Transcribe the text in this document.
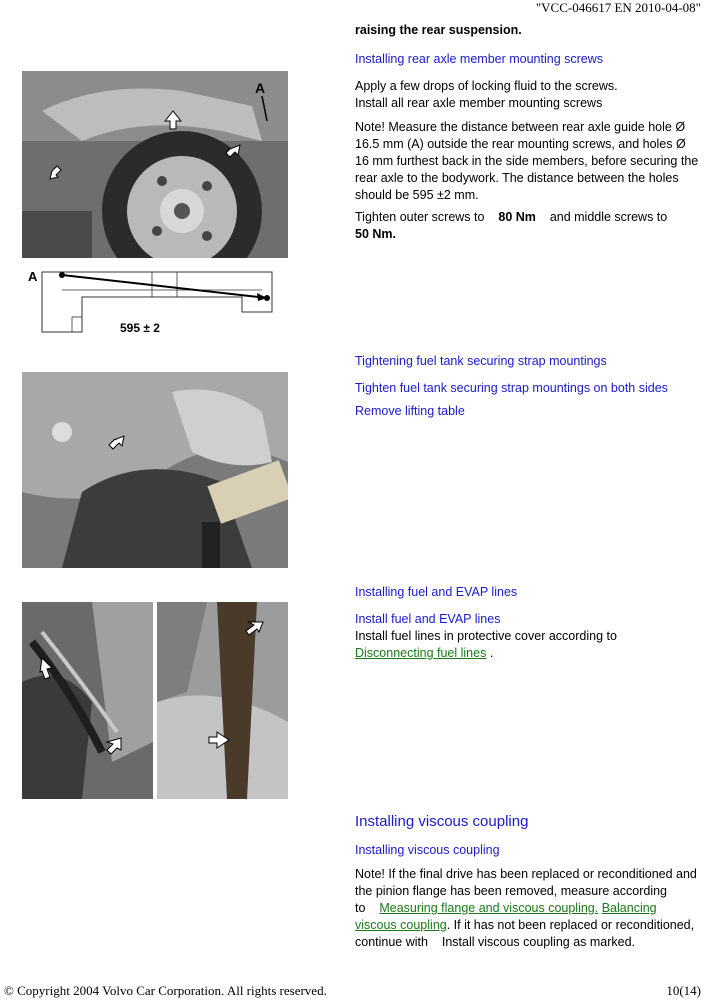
"VCC-046617 EN 2010-04-08"
raising the rear suspension.
Installing rear axle member mounting screws
Apply a few drops of locking fluid to the screws.
Install all rear axle member mounting screws
Note! Measure the distance between rear axle guide hole Ø 16.5 mm (A) outside the rear mounting screws, and holes Ø 16 mm furthest back in the side members, before securing the rear axle to the bodywork. The distance between the holes should be 595 ±2 mm.
Tighten outer screws to 80 Nm and middle screws to
50 Nm.
A
A
595 ± 2
Tightening fuel tank securing strap mountings
Tighten fuel tank securing strap mountings on both sides
Remove lifting table
Installing fuel and EVAP lines
Install fuel and EVAP lines
Install fuel lines in protective cover according to
Disconnecting fuel lines .
Installing viscous coupling
Installing viscous coupling
Note! If the final drive has been replaced or reconditioned and the pinion flange has been removed, measure according to Measuring flange and viscous coupling. Balancing viscous coupling. If it has not been replaced or reconditioned, continue with Install viscous coupling as marked.
© Copyright 2004 Volvo Car Corporation. All rights reserved.	10(14)
